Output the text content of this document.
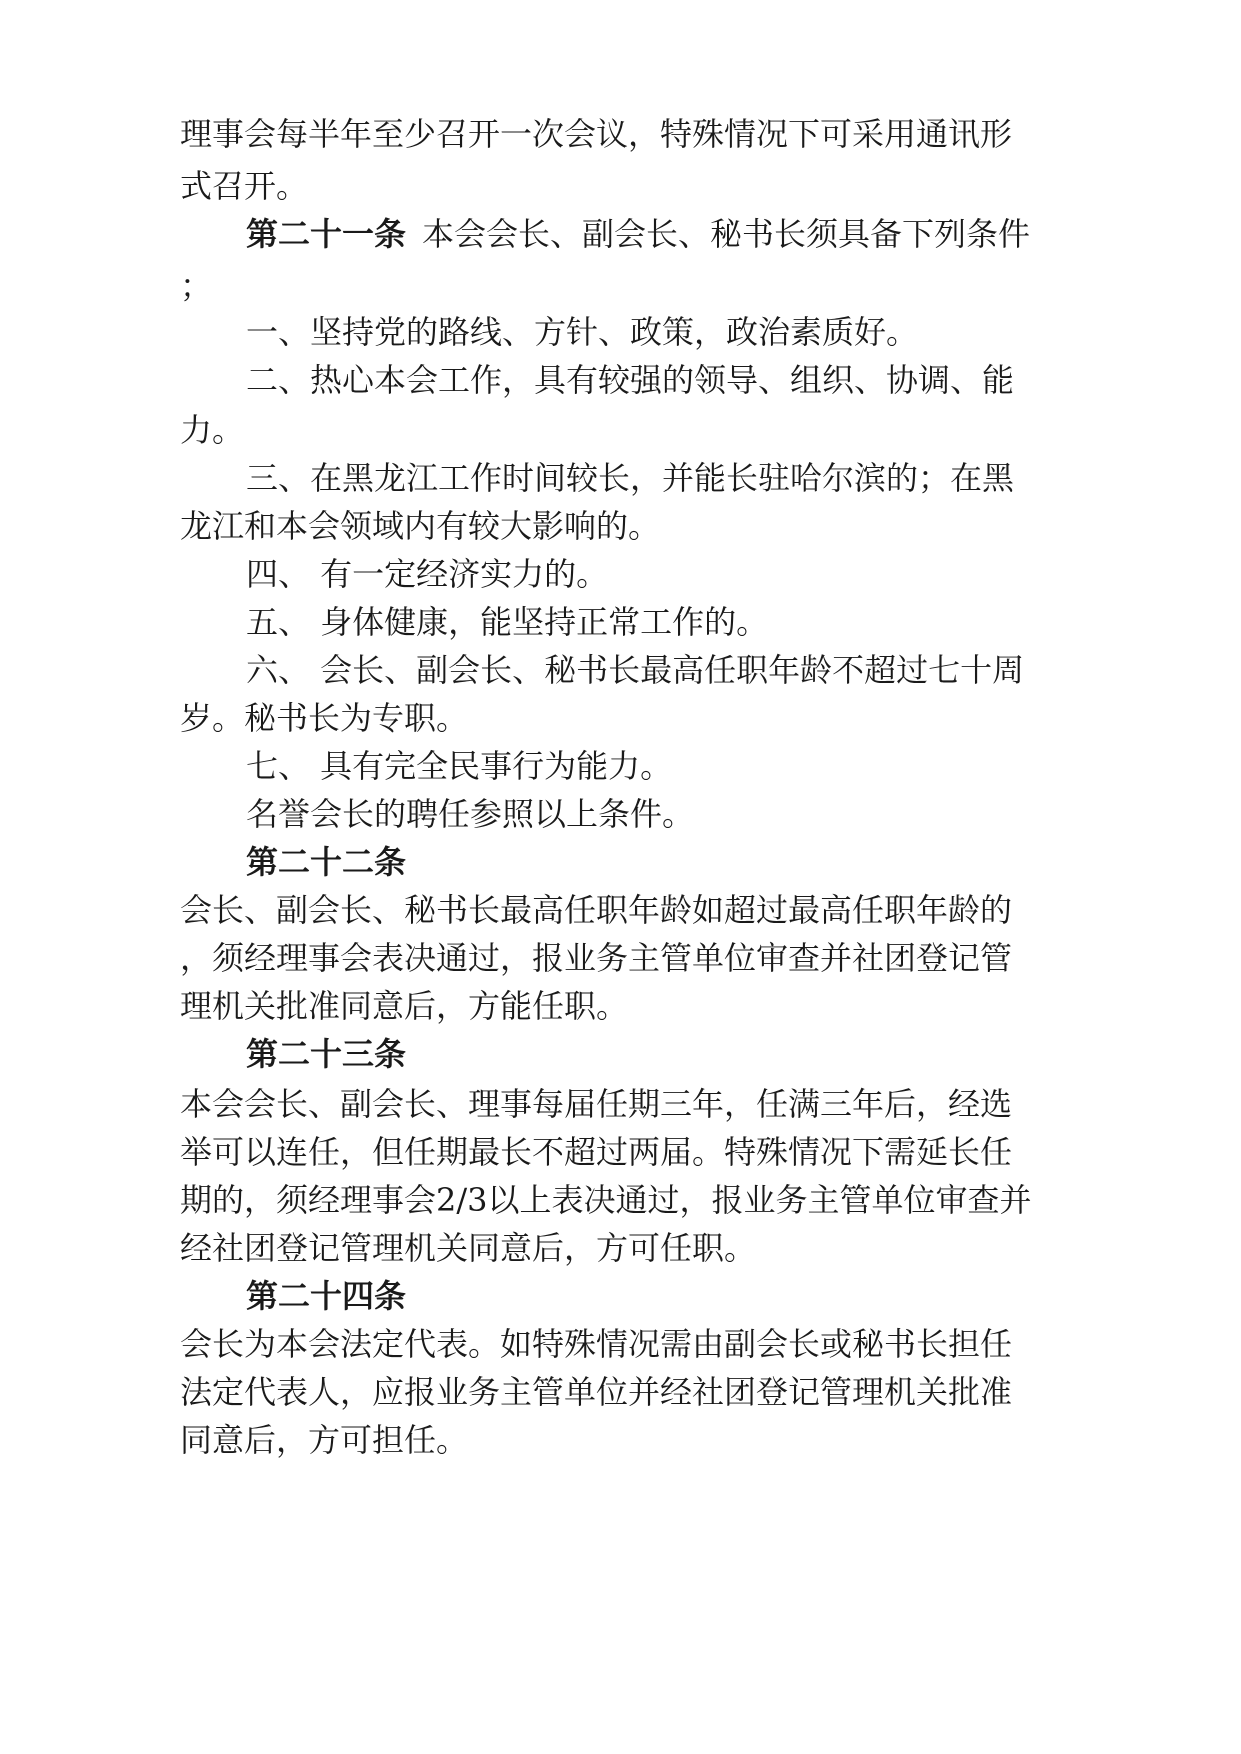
理事会每半年至少召开一次会议，特殊情况下可采用通讯形
式召开。
第二十一条 本会会长、副会长、秘书长须具备下列条件
；
一、坚持党的路线、方针、政策，政治素质好。
二、热心本会工作，具有较强的领导、组织、协调、能
力。
三、在黑龙江工作时间较长，并能长驻哈尔滨的；在黑
龙江和本会领域内有较大影响的。
四、 有一定经济实力的。
五、 身体健康，能坚持正常工作的。
六、 会长、副会长、秘书长最高任职年龄不超过七十周
岁。秘书长为专职。
七、 具有完全民事行为能力。
名誉会长的聘任参照以上条件。
第二十二条
会长、副会长、秘书长最高任职年龄如超过最高任职年龄的
，须经理事会表决通过，报业务主管单位审查并社团登记管
理机关批准同意后，方能任职。
第二十三条
本会会长、副会长、理事每届任期三年，任满三年后，经选
举可以连任，但任期最长不超过两届。特殊情况下需延长任
期的，须经理事会2/3以上表决通过，报业务主管单位审查并
经社团登记管理机关同意后，方可任职。
第二十四条
会长为本会法定代表。如特殊情况需由副会长或秘书长担任
法定代表人，应报业务主管单位并经社团登记管理机关批准
同意后，方可担任。
